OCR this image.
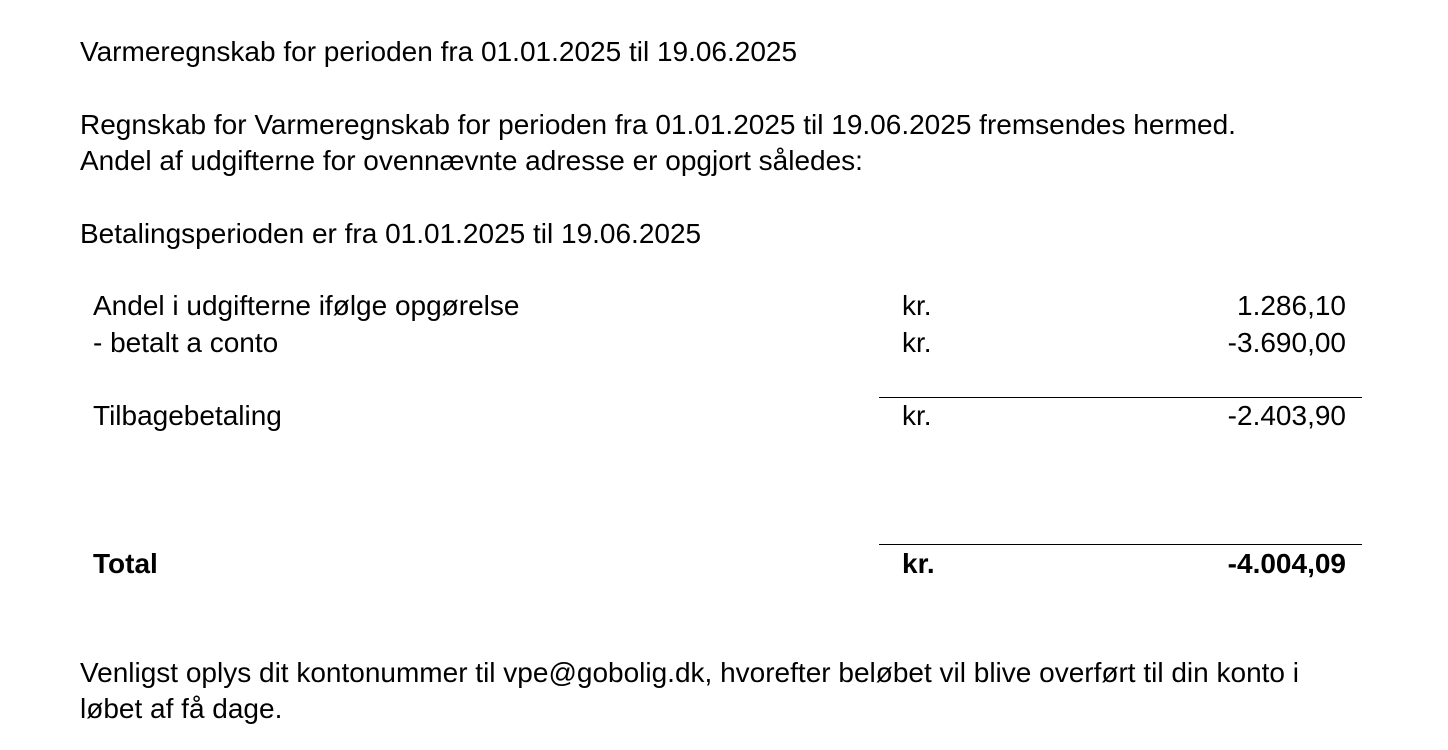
Varmeregnskab for perioden fra 01.01.2025 til 19.06.2025
Regnskab for Varmeregnskab for perioden fra 01.01.2025 til 19.06.2025 fremsendes hermed.
Andel af udgifterne for ovennævnte adresse er opgjort således:
Betalingsperioden er fra 01.01.2025 til 19.06.2025
Andel i udgifterne ifølge opgørelse	kr.	1.286,10
- betalt a conto	kr.	-3.690,00
Tilbagebetaling	kr.	-2.403,90
Total	kr.	-4.004,09
Venligst oplys dit kontonummer til vpe@gobolig.dk, hvorefter beløbet vil blive overført til din konto i
løbet af få dage.
